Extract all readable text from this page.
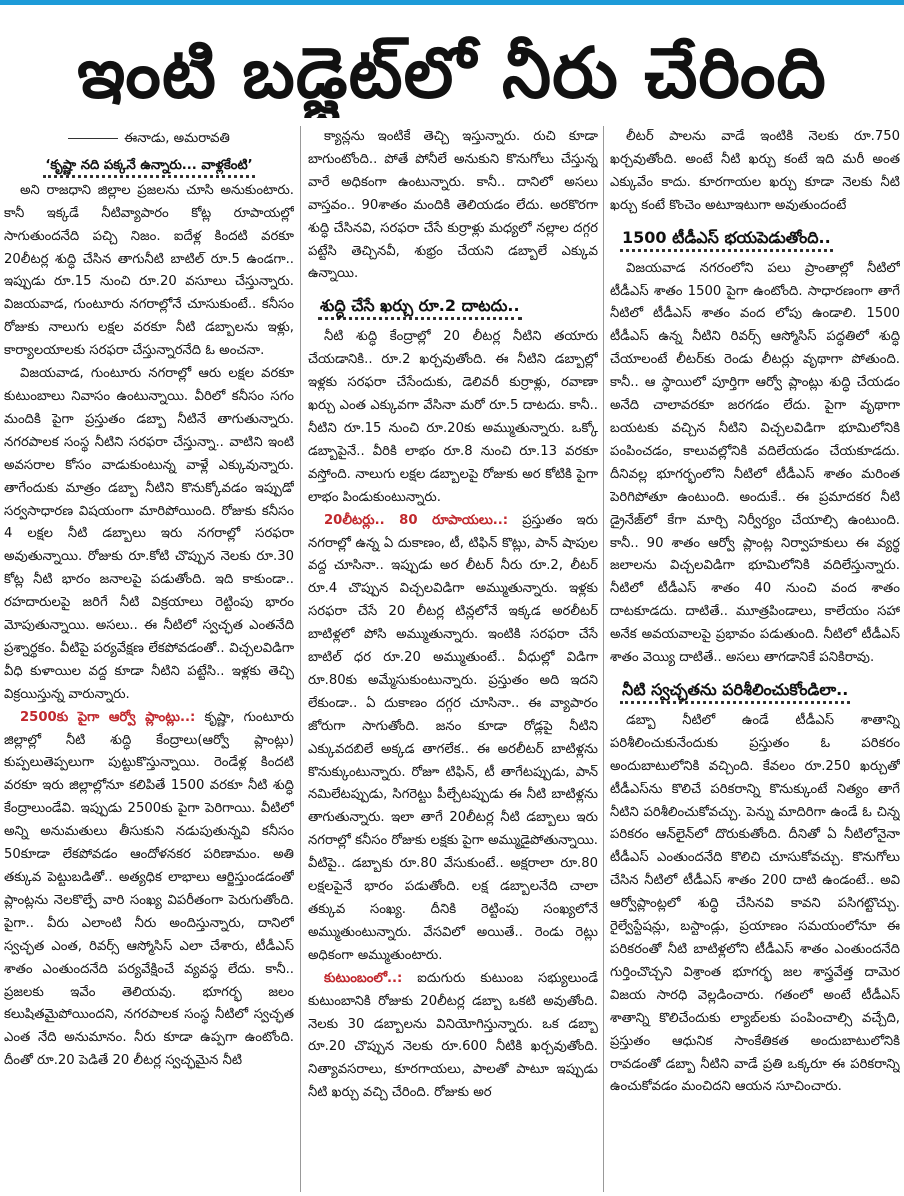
ఇంటి బడ్జెట్‌లో నీరు చేరింది
ఈనాడు, అమరావతి
‘కృష్ణా నది పక్కనే ఉన్నారు... వాళ్లకేంటి’

అని రాజధాని జిల్లాల ప్రజలను చూసి అనుకుంటారు. కానీ ఇక్కడే నీటివ్యాపారం కోట్ల రూపాయల్లో సాగుతుందనేది పచ్చి నిజం. ఐదేళ్ల కిందటి వరకూ 20లీటర్ల శుద్ధి చేసిన తాగునీటి బాటిల్ రూ.5 ఉండగా.. ఇప్పుడు రూ.15 నుంచి రూ.20 వసూలు చేస్తున్నారు. విజయవాడ, గుంటూరు నగరాల్లోనే చూసుకుంటే.. కనీసం రోజుకు నాలుగు లక్షల వరకూ నీటి డబ్బాలను ఇళ్లు, కార్యాలయాలకు సరఫరా చేస్తున్నారనేది ఓ అంచనా.

విజయవాడ, గుంటూరు నగరాల్లో ఆరు లక్షల వరకూ కుటుంబాలు నివాసం ఉంటున్నాయి. వీరిలో కనీసం సగం మందికి పైగా ప్రస్తుతం డబ్బా నీటినే తాగుతున్నారు. నగరపాలక సంస్థ నీటిని సరఫరా చేస్తున్నా.. వాటిని ఇంటి అవసరాల కోసం వాడుకుంటున్న వాళ్లే ఎక్కువున్నారు. తాగేందుకు మాత్రం డబ్బా నీటిని కొనుక్కోవడం ఇప్పుడో సర్వసాధారణ విషయంగా మారిపోయింది. రోజుకు కనీసం 4 లక్షల నీటి డబ్బాలు ఇరు నగరాల్లో సరఫరా అవుతున్నాయి. రోజుకు రూ.కోటి చొప్పున నెలకు రూ.30 కోట్ల నీటి భారం జనాలపై పడుతోంది. ఇది కాకుండా.. రహదారులపై జరిగే నీటి విక్రయాలు రెట్టింపు భారం మోపుతున్నాయి. అసలు.. ఈ నీటిలో స్వచ్ఛత ఎంతనేది ప్రశ్నార్థకం. వీటిపై పర్యవేక్షణ లేకపోవడంతో.. విచ్చలవిడిగా వీధి కుళాయిల వద్ద కూడా నీటిని పట్టేసి.. ఇళ్లకు తెచ్చి విక్రయిస్తున్న వారున్నారు.

2500కు పైగా ఆర్వో ప్లాంట్లు..: కృష్ణా, గుంటూరు జిల్లాల్లో నీటి శుద్ధి కేంద్రాలు(ఆర్వో ప్లాంట్లు) కుప్పలుతెప్పలుగా పుట్టుకొస్తున్నాయి. రెండేళ్ల కిందటి వరకూ ఇరు జిల్లాల్లోనూ కలిపితే 1500 వరకూ నీటి శుద్ధి కేంద్రాలుండేవి. ఇప్పుడు 2500కు పైగా పెరిగాయి. వీటిలో అన్ని అనుమతులు తీసుకుని నడుపుతున్నవి కనీసం 50కూడా లేకపోవడం ఆందోళనకర పరిణామం. అతి తక్కువ పెట్టుబడితో.. అత్యధిక లాభాలు ఆర్జిస్తుండడంతో ప్లాంట్లను నెలకొల్పే వారి సంఖ్య విపరీతంగా పెరుగుతోంది. పైగా.. వీరు ఎలాంటి నీరు అందిస్తున్నారు, దానిలో స్వచ్ఛత ఎంత, రివర్స్ ఆస్మోసిస్ ఎలా చేశారు, టీడీఎస్ శాతం ఎంతుందనేది పర్యవేక్షించే వ్యవస్థ లేదు. కానీ.. ప్రజలకు ఇవేం తెలియవు. భూగర్భ జలం కలుషితమైపోయిందని, నగరపాలక సంస్థ నీటిలో స్వచ్ఛత ఎంత నేది అనుమానం. నీరు కూడా ఉప్పగా ఉంటోంది. దీంతో రూ.20 పెడితే 20 లీటర్ల స్వచ్ఛమైన నీటి

క్యాన్లను ఇంటికే తెచ్చి ఇస్తున్నారు. రుచి కూడా బాగుంటోంది.. పోతే పోనీలే అనుకుని కొనుగోలు చేస్తున్న వారే అధికంగా ఉంటున్నారు. కానీ.. దానిలో అసలు వాస్తవం.. 90శాతం మందికి తెలియడం లేదు. అరకొరగా శుద్ధి చేసినవి, సరఫరా చేసే కుర్రాళ్లు మధ్యలో నల్లాల దగ్గర పట్టేసి తెచ్చినవీ, శుభ్రం చేయని డబ్బాలే ఎక్కువ ఉన్నాయి.

శుద్ధి చేసే ఖర్చు రూ.2 దాటదు..

నీటి శుద్ధి కేంద్రాల్లో 20 లీటర్ల నీటిని తయారు చేయడానికి.. రూ.2 ఖర్చవుతోంది. ఈ నీటిని డబ్బాల్లో ఇళ్లకు సరఫరా చేసేందుకు, డెలివరీ కుర్రాళ్లు, రవాణా ఖర్చు ఎంత ఎక్కువగా వేసినా మరో రూ.5 దాటదు. కానీ.. నీటిని రూ.15 నుంచి రూ.20కు అమ్ముతున్నారు. ఒక్కో డబ్బాపైనే.. వీరికి లాభం రూ.8 నుంచి రూ.13 వరకూ వస్తోంది. నాలుగు లక్షల డబ్బాలపై రోజుకు అర కోటికి పైగా లాభం పిండుకుంటున్నారు.

20లీటర్లు.. 80 రూపాయలు..: ప్రస్తుతం ఇరు నగరాల్లో ఉన్న ఏ దుకాణం, టీ, టిఫిన్ కొట్లు, పాన్ షాపుల వద్ద చూసినా.. ఇప్పుడు అర లీటర్ నీరు రూ.2, లీటర్ రూ.4 చొప్పున విచ్చలవిడిగా అమ్ముతున్నారు. ఇళ్లకు సరఫరా చేసే 20 లీటర్ల టిన్లలోనే ఇక్కడ అరలీటర్ బాటిళ్లలో పోసి అమ్ముతున్నారు. ఇంటికి సరఫరా చేసే బాటిల్ ధర రూ.20 అమ్ముతుంటే.. వీధుల్లో విడిగా రూ.80కు అమ్మేసుకుంటున్నారు. ప్రస్తుతం అది ఇదని లేకుండా.. ఏ దుకాణం దగ్గర చూసినా.. ఈ వ్యాపారం జోరుగా సాగుతోంది. జనం కూడా రోడ్లపై నీటిని ఎక్కువదబిలే అక్కడ తాగలేక.. ఈ అరలీటర్ బాటిళ్లను కొనుక్కుంటున్నారు. రోజూ టిఫిన్, టీ తాగేటప్పుడు, పాన్ నమిలేటప్పుడు, సిగరెట్టు పీల్చేటప్పుడు ఈ నీటి బాటిళ్లను తాగుతున్నారు. ఇలా తాగే 20లీటర్ల నీటి డబ్బాలు ఇరు నగరాల్లో కనీసం రోజుకు లక్షకు పైగా అమ్ముడైపోతున్నాయి. వీటిపై.. డబ్బాకు రూ.80 వేసుకుంటే.. అక్షరాలా రూ.80 లక్షలపైనే భారం పడుతోంది. లక్ష డబ్బాలనేది చాలా తక్కువ సంఖ్య. దీనికి రెట్టింపు సంఖ్యలోనే అమ్ముతుంటున్నారు. వేసవిలో అయితే.. రెండు రెట్లు అధికంగా అమ్ముతుంటారు.

కుటుంబంలో..: ఐదుగురు కుటుంబ సభ్యులుండే కుటుంబానికి రోజుకు 20లీటర్ల డబ్బా ఒకటి అవుతోంది. నెలకు 30 డబ్బాలను వినియోగిస్తున్నారు. ఒక డబ్బా రూ.20 చొప్పున నెలకు రూ.600 నీటికి ఖర్చవుతోంది. నిత్యావసరాలు, కూరగాయలు, పాలతో పాటూ ఇప్పుడు నీటి ఖర్చు వచ్చి చేరింది. రోజుకు అర

లీటర్ పాలను వాడే ఇంటికి నెలకు రూ.750 ఖర్చవుతోంది. అంటే నీటి ఖర్చు కంటే ఇది మరీ అంత ఎక్కువేం కాదు. కూరగాయల ఖర్చు కూడా నెలకు నీటి ఖర్చు కంటే కొంచెం అటూఇటుగా అవుతుందంటే

1500 టీడీఎస్ భయపెడుతోంది..

విజయవాడ నగరంలోని పలు ప్రాంతాల్లో నీటిలో టీడీఎస్ శాతం 1500 పైగా ఉంటోంది. సాధారణంగా తాగే నీటిలో టీడీఎస్ శాతం వంద లోపు ఉండాలి. 1500 టీడీఎస్ ఉన్న నీటిని రివర్స్ ఆస్మోసిస్ పద్ధతిలో శుద్ధి చేయాలంటే లీటర్‌కు రెండు లీటర్లు వృథాగా పోతుంది. కానీ.. ఆ స్థాయిలో పూర్తిగా ఆర్వో ప్లాంట్లు శుద్ధి చేయడం అనేది చాలావరకూ జరగడం లేదు. పైగా వృథాగా బయటకు వచ్చిన నీటిని విచ్చలవిడిగా భూమిలోనికి పంపించడం, కాలువల్లోనికి వదిలేయడం చేయకూడదు. దీనివల్ల భూగర్భంలోని నీటిలో టీడీఎస్ శాతం మరింత పెరిగిపోతూ ఉంటుంది. అందుకే.. ఈ ప్రమాదకర నీటి డ్రైనేజ్‌లో కేగా మార్చి నిర్వీర్యం చేయాల్సి ఉంటుంది. కానీ.. 90 శాతం ఆర్వో ప్లాంట్ల నిర్వాహకులు ఈ వ్యర్థ జలాలను విచ్చలవిడిగా భూమిలోనికి వదిలేస్తున్నారు. నీటిలో టీడీఎస్ శాతం 40 నుంచి వంద శాతం దాటకూడదు. దాటితే.. మూత్రపిండాలు, కాలేయం సహా అనేక అవయవాలపై ప్రభావం పడుతుంది. నీటిలో టీడీఎస్ శాతం వెయ్యి దాటితే.. అసలు తాగడానికే పనికిరావు.

నీటి స్వచ్ఛతను పరిశీలించుకోండిలా..

డబ్బా నీటిలో ఉండే టీడీఎస్ శాతాన్ని పరిశీలించుకునేందుకు ప్రస్తుతం ఓ పరికరం అందుబాటులోనికి వచ్చింది. కేవలం రూ.250 ఖర్చుతో టీడీఎస్‌ను కొలిచే పరికరాన్ని కొనుక్కుంటే నిత్యం తాగే నీటిని పరిశీలించుకోవచ్చు. పెన్ను మాదిరిగా ఉండే ఓ చిన్న పరికరం ఆన్‌లైన్‌లో దొరుకుతోంది. దీనితో ఏ నీటిలోనైనా టీడీఎస్ ఎంతుందనేది కొలిచి చూసుకోవచ్చు. కొనుగోలు చేసిన నీటిలో టీడీఎస్ శాతం 200 దాటి ఉండంటే.. అవి ఆర్వోప్లాంట్లలో శుద్ధి చేసినవి కావని పసిగట్టొచ్చు. రైల్వేస్టేషన్లు, బస్టాండ్లు, ప్రయాణం సమయంలోనూ ఈ పరికరంతో నీటి బాటిళ్లలోని టీడీఎస్ శాతం ఎంతుందనేది గుర్తించొచ్చని విశ్రాంత భూగర్భ జల శాస్త్రవేత్త దామెర విజయ సారధి వెల్లడించారు. గతంలో అంటే టీడీఎస్ శాతాన్ని కొలిచేందుకు ల్యాబ్‌లకు పంపించాల్సి వచ్చేది, ప్రస్తుతం ఆధునిక సాంకేతికత అందుబాటులోనికి రావడంతో డబ్బా నీటిని వాడే ప్రతి ఒక్కరూ ఈ పరికరాన్ని ఉంచుకోవడం మంచిదని ఆయన సూచించారు.
